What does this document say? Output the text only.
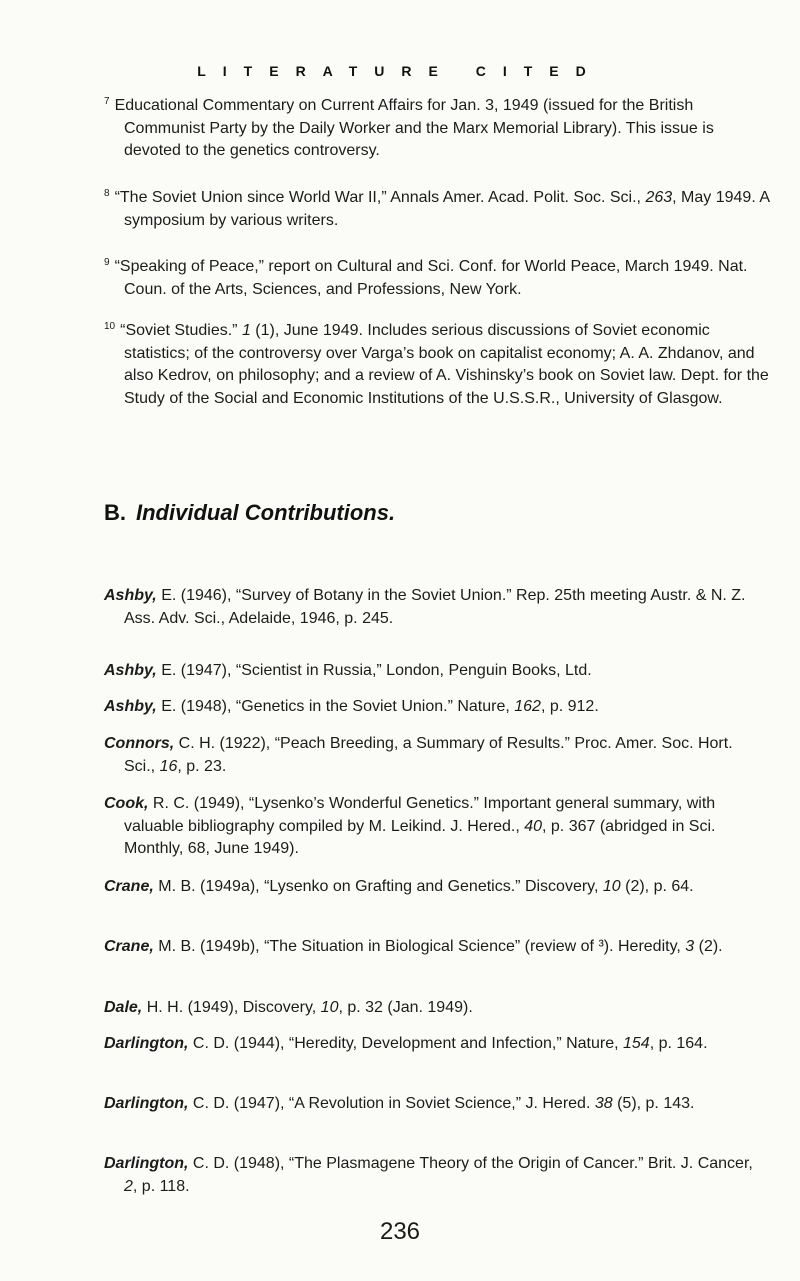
LITERATURE CITED

$^7$ Educational Commentary on Current Affairs for Jan. 3, 1949 (issued for the British Communist Party by the Daily Worker and the Marx Memorial Library). This issue is devoted to the genetics controversy.

$^8$ “The Soviet Union since World War II,” Annals Amer. Acad. Polit. Soc. Sci., 263, May 1949. A symposium by various writers.

$^9$ “Speaking of Peace,” report on Cultural and Sci. Conf. for World Peace, March 1949. Nat. Coun. of the Arts, Sciences, and Professions, New York.

$^{10}$ “Soviet Studies.” 1 (1), June 1949. Includes serious discussions of Soviet economic statistics; of the controversy over Varga’s book on capitalist economy; A. A. Zhdanov, and also Kedrov, on philosophy; and a review of A. Vishinsky’s book on Soviet law. Dept. for the Study of the Social and Economic Institutions of the U.S.S.R., University of Glasgow.

B. Individual Contributions.

Ashby, E. (1946), “Survey of Botany in the Soviet Union.” Rep. 25th meeting Austr. & N. Z. Ass. Adv. Sci., Adelaide, 1946, p. 245.

Ashby, E. (1947), “Scientist in Russia,” London, Penguin Books, Ltd.

Ashby, E. (1948), “Genetics in the Soviet Union.” Nature, 162, p. 912.

Connors, C. H. (1922), “Peach Breeding, a Summary of Results.” Proc. Amer. Soc. Hort. Sci., 16, p. 23.

Cook, R. C. (1949), “Lysenko’s Wonderful Genetics.” Important general summary, with valuable bibliography compiled by M. Leikind. J. Hered., 40, p. 367 (abridged in Sci. Monthly, 68, June 1949).

Crane, M. B. (1949a), “Lysenko on Grafting and Genetics.” Discovery, 10 (2), p. 64.

Crane, M. B. (1949b), “The Situation in Biological Science” (review of ³). Heredity, 3 (2).

Dale, H. H. (1949), Discovery, 10, p. 32 (Jan. 1949).

Darlington, C. D. (1944), “Heredity, Development and Infection,” Nature, 154, p. 164.

Darlington, C. D. (1947), “A Revolution in Soviet Science,” J. Hered. 38 (5), p. 143.

Darlington, C. D. (1948), “The Plasmagene Theory of the Origin of Cancer.” Brit. J. Cancer, 2, p. 118.

236
